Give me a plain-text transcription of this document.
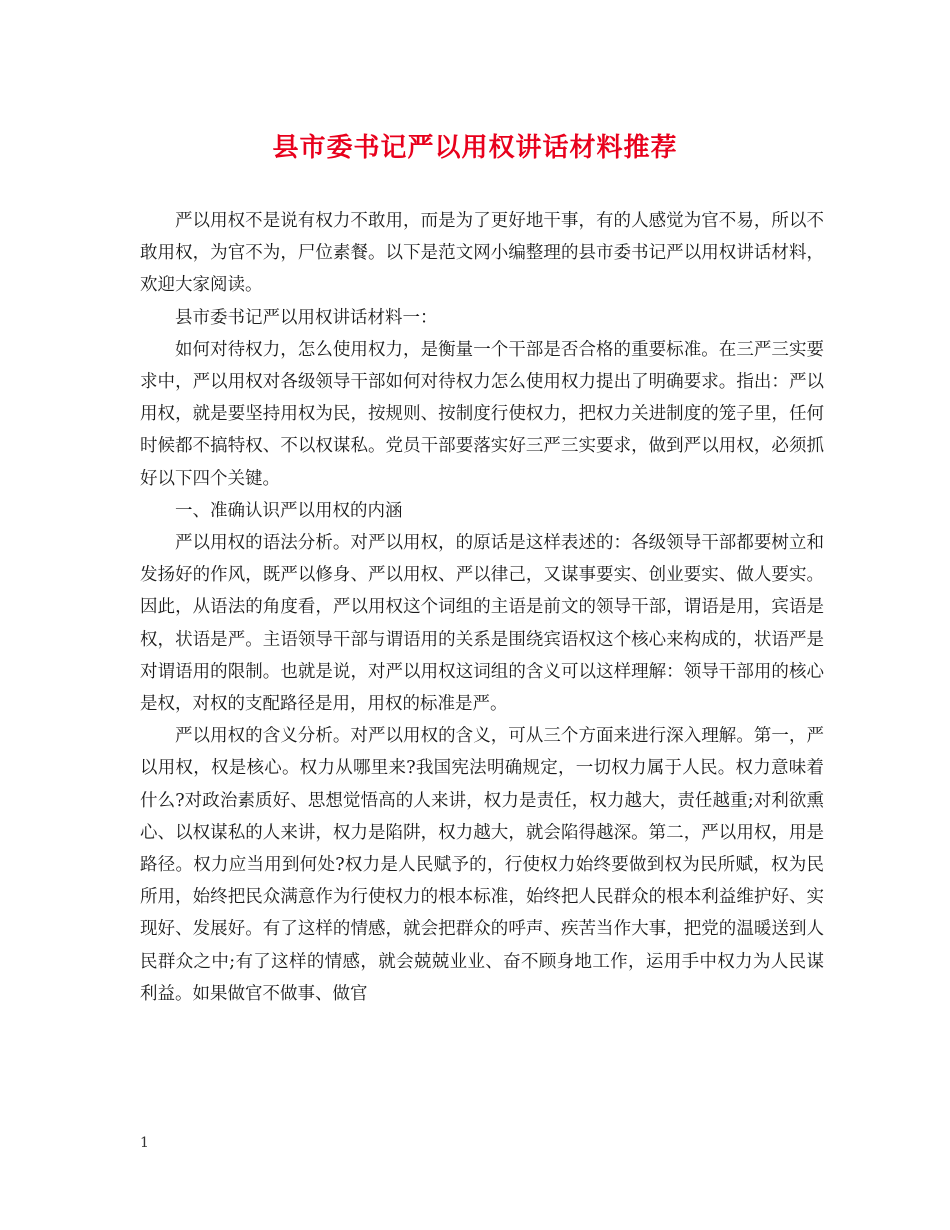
县市委书记严以用权讲话材料推荐

严以用权不是说有权力不敢用，而是为了更好地干事，有的人感觉为官不易，所以不敢用权，为官不为，尸位素餐。以下是范文网小编整理的县市委书记严以用权讲话材料，欢迎大家阅读。

县市委书记严以用权讲话材料一：

如何对待权力，怎么使用权力，是衡量一个干部是否合格的重要标准。在三严三实要求中，严以用权对各级领导干部如何对待权力怎么使用权力提出了明确要求。指出：严以用权，就是要坚持用权为民，按规则、按制度行使权力，把权力关进制度的笼子里，任何时候都不搞特权、不以权谋私。党员干部要落实好三严三实要求，做到严以用权，必须抓好以下四个关键。

一、准确认识严以用权的内涵

严以用权的语法分析。对严以用权，的原话是这样表述的：各级领导干部都要树立和发扬好的作风，既严以修身、严以用权、严以律己，又谋事要实、创业要实、做人要实。因此，从语法的角度看，严以用权这个词组的主语是前文的领导干部，谓语是用，宾语是权，状语是严。主语领导干部与谓语用的关系是围绕宾语权这个核心来构成的，状语严是对谓语用的限制。也就是说，对严以用权这词组的含义可以这样理解：领导干部用的核心是权，对权的支配路径是用，用权的标准是严。

严以用权的含义分析。对严以用权的含义，可从三个方面来进行深入理解。第一，严以用权，权是核心。权力从哪里来?我国宪法明确规定，一切权力属于人民。权力意味着什么?对政治素质好、思想觉悟高的人来讲，权力是责任，权力越大，责任越重;对利欲熏心、以权谋私的人来讲，权力是陷阱，权力越大，就会陷得越深。第二，严以用权，用是路径。权力应当用到何处?权力是人民赋予的，行使权力始终要做到权为民所赋，权为民所用，始终把民众满意作为行使权力的根本标准，始终把人民群众的根本利益维护好、实现好、发展好。有了这样的情感，就会把群众的呼声、疾苦当作大事，把党的温暖送到人民群众之中;有了这样的情感，就会兢兢业业、奋不顾身地工作，运用手中权力为人民谋利益。如果做官不做事、做官

1
